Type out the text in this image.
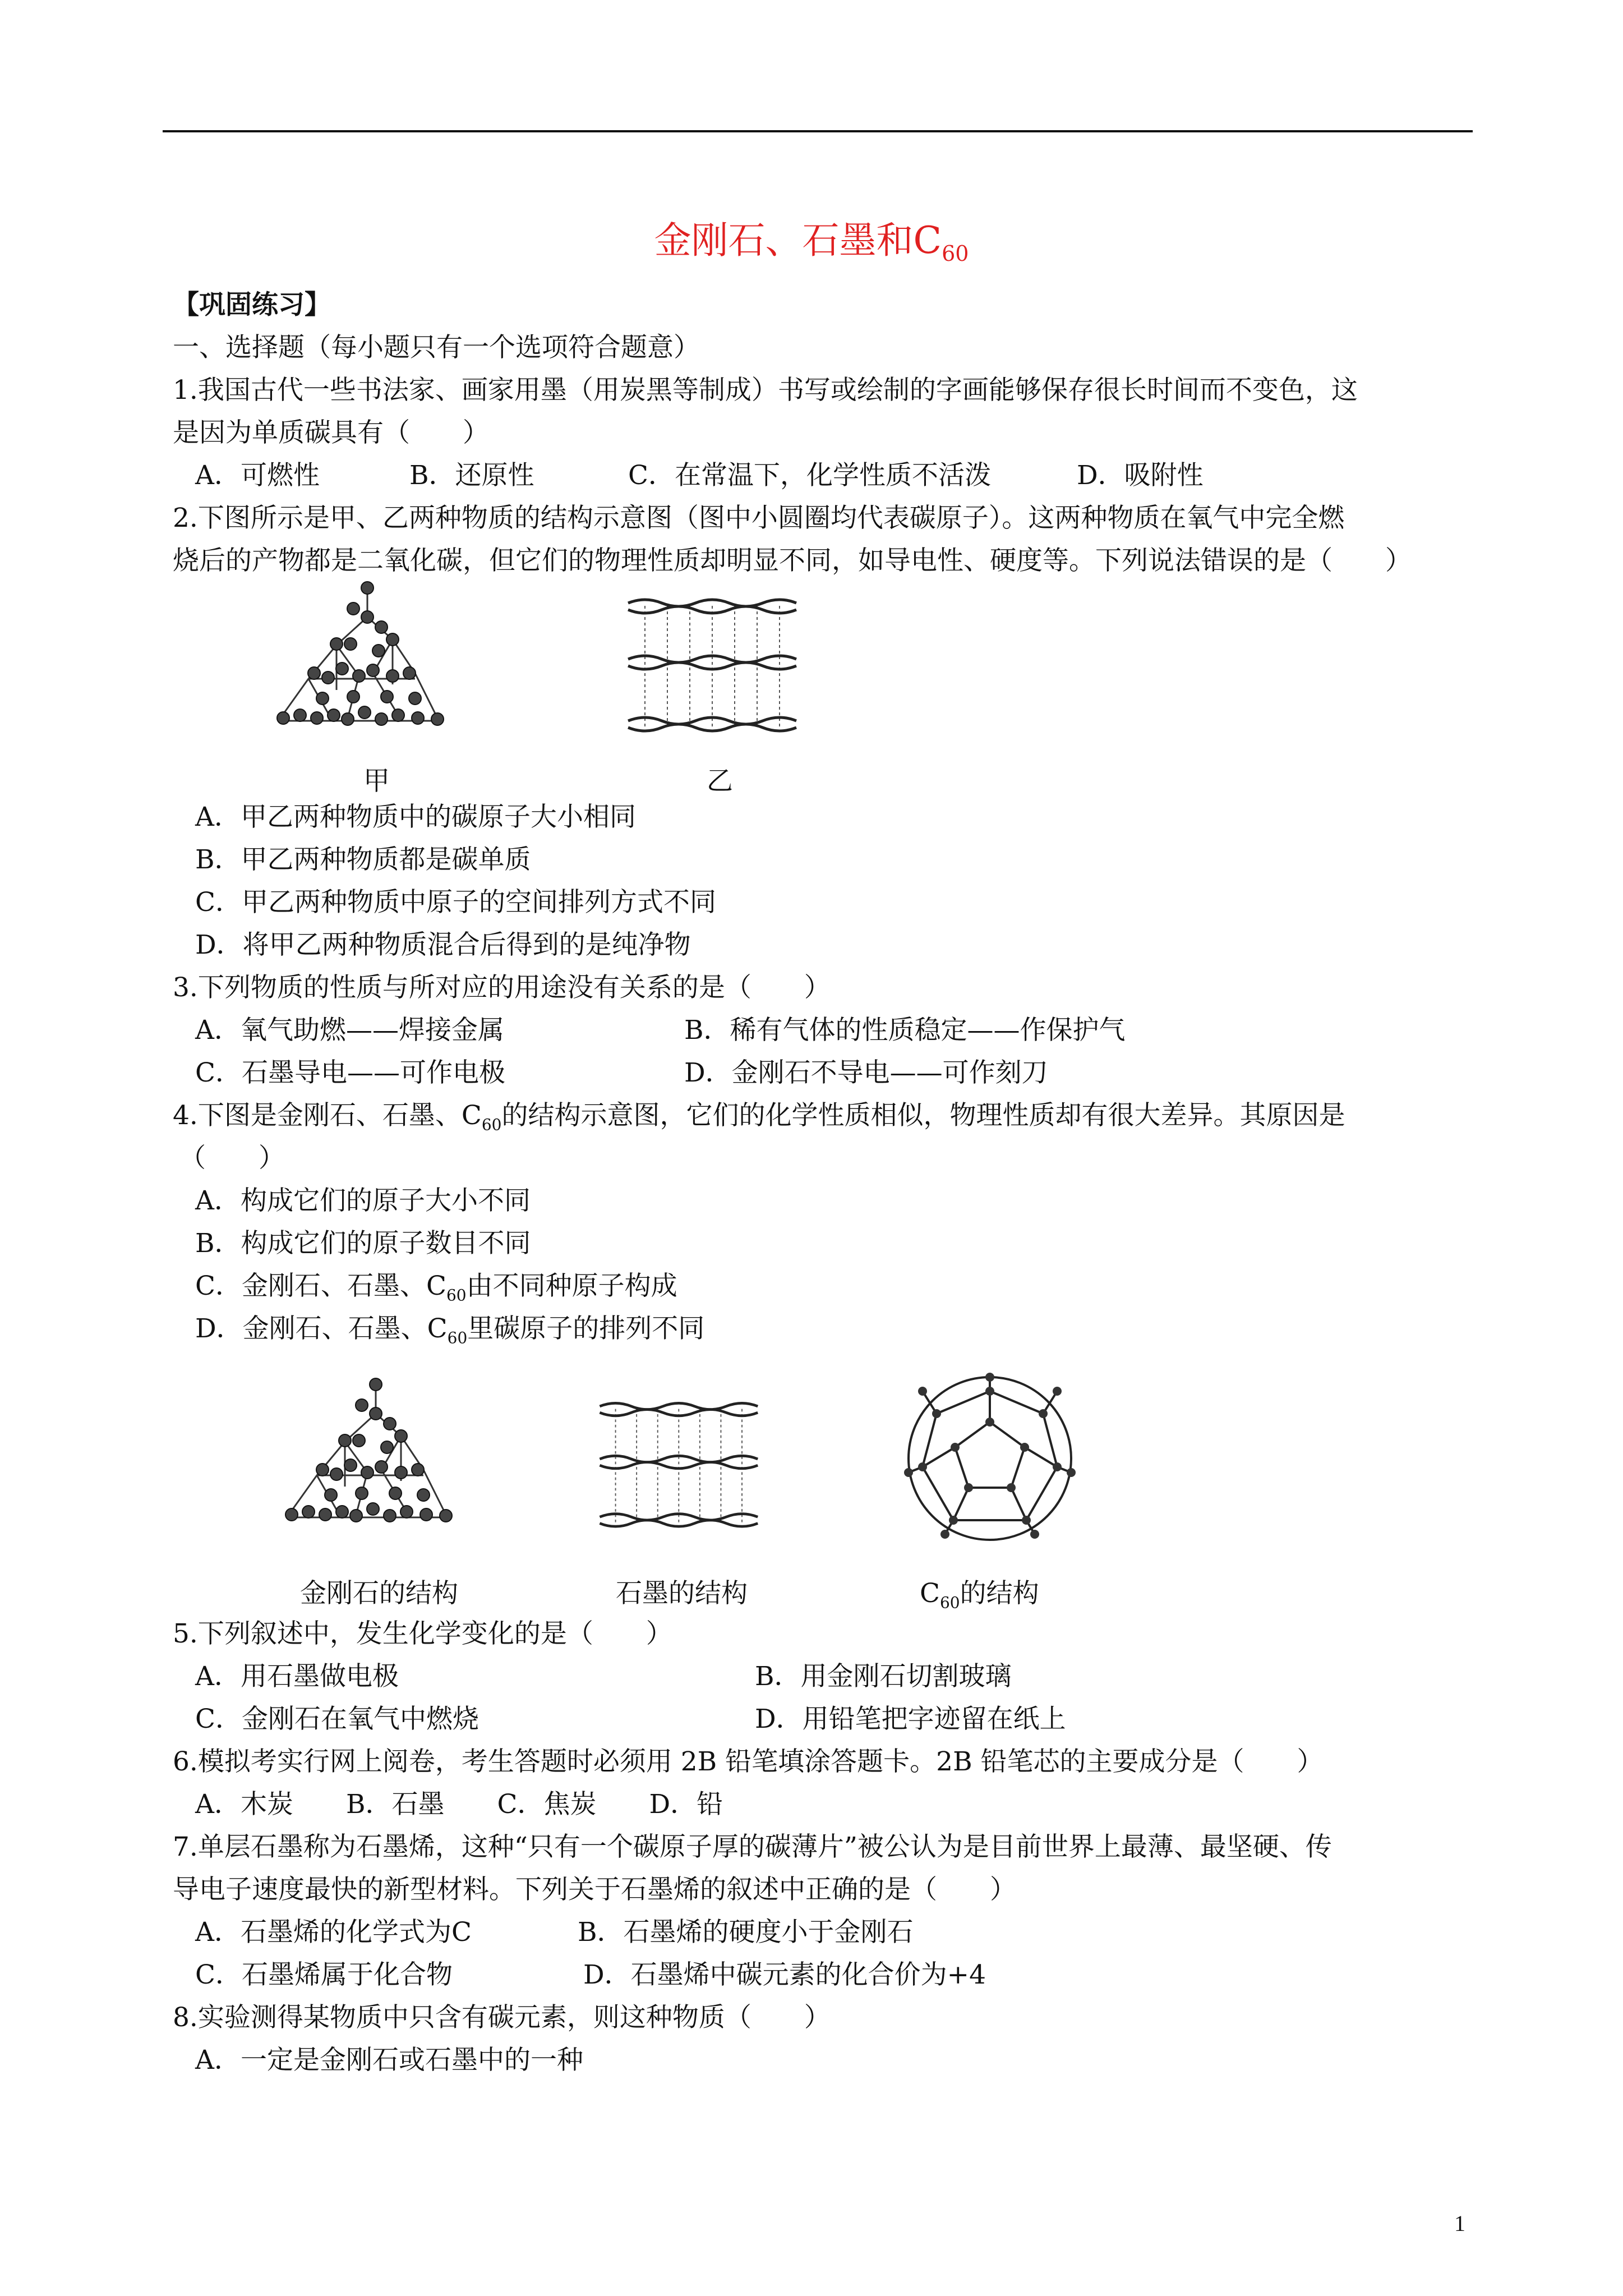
金刚石、石墨和$C_{60}$
【巩固练习】
一、选择题（每小题只有一个选项符合题意）
1.我国古代一些书法家、画家用墨（用炭黑等制成）书写或绘制的字画能够保存很长时间而不变色，这
是因为单质碳具有（　　）
A．可燃性	B．还原性	C．在常温下，化学性质不活泼	D．吸附性
2.下图所示是甲、乙两种物质的结构示意图（图中小圆圈均代表碳原子）。这两种物质在氧气中完全燃
烧后的产物都是二氧化碳，但它们的物理性质却明显不同，如导电性、硬度等。下列说法错误的是（　　）
甲	乙
A．甲乙两种物质中的碳原子大小相同
B．甲乙两种物质都是碳单质
C．甲乙两种物质中原子的空间排列方式不同
D．将甲乙两种物质混合后得到的是纯净物
3.下列物质的性质与所对应的用途没有关系的是（　　）
A．氧气助燃——焊接金属	B．稀有气体的性质稳定——作保护气
C．石墨导电——可作电极	D．金刚石不导电——可作刻刀
4.下图是金刚石、石墨、$C_{60}$的结构示意图，它们的化学性质相似，物理性质却有很大差异。其原因是
（　　）
A．构成它们的原子大小不同
B．构成它们的原子数目不同
C．金刚石、石墨、$C_{60}$由不同种原子构成
D．金刚石、石墨、$C_{60}$里碳原子的排列不同
金刚石的结构	石墨的结构	$C_{60}$的结构
5.下列叙述中，发生化学变化的是（　　）
A．用石墨做电极	B．用金刚石切割玻璃
C．金刚石在氧气中燃烧	D．用铅笔把字迹留在纸上
6.模拟考实行网上阅卷，考生答题时必须用 2B 铅笔填涂答题卡。2B 铅笔芯的主要成分是（　　）
A．木炭　　B．石墨　　C．焦炭　　D．铅
7.单层石墨称为石墨烯，这种“只有一个碳原子厚的碳薄片”被公认为是目前世界上最薄、最坚硬、传
导电子速度最快的新型材料。下列关于石墨烯的叙述中正确的是（　　）
A．石墨烯的化学式为C	B．石墨烯的硬度小于金刚石
C．石墨烯属于化合物	D．石墨烯中碳元素的化合价为+4
8.实验测得某物质中只含有碳元素，则这种物质（　　）
A．一定是金刚石或石墨中的一种
1
